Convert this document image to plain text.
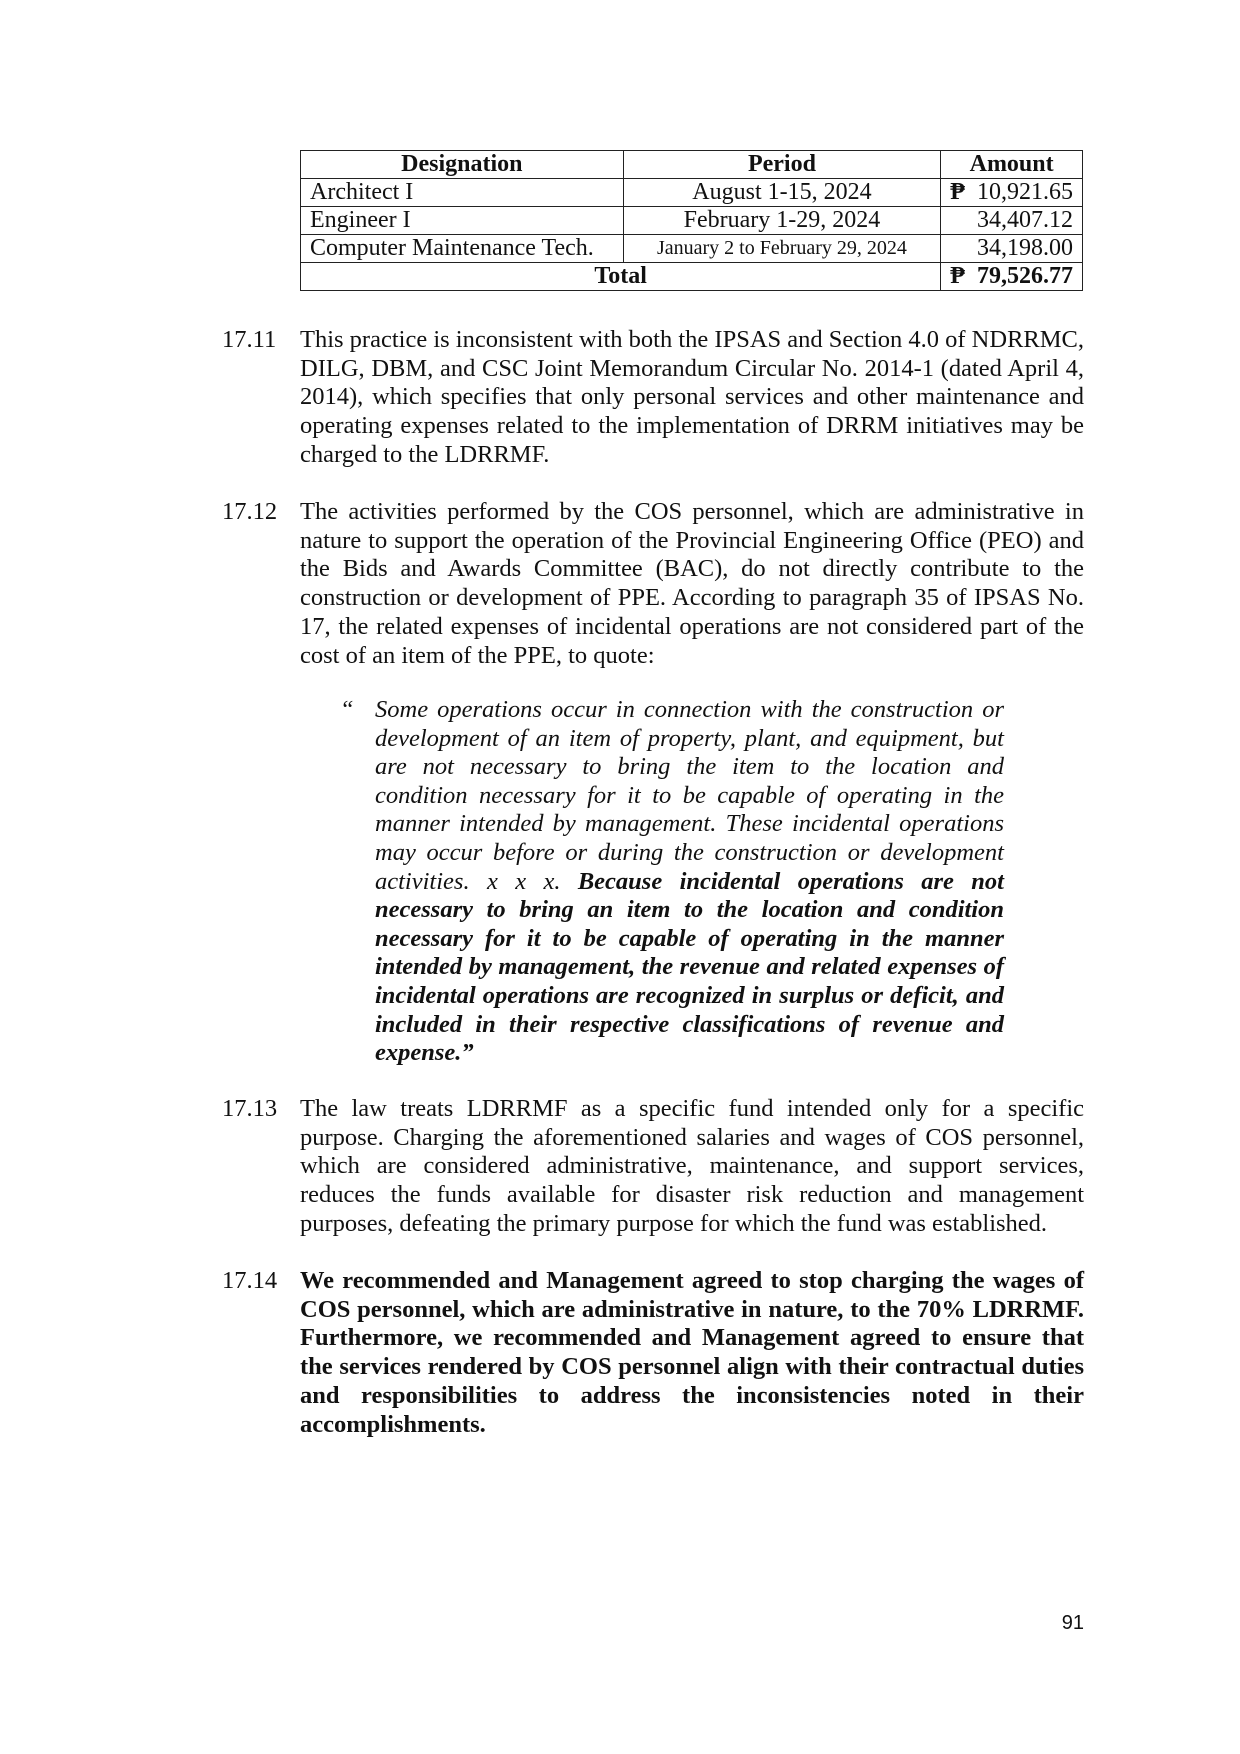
Designation	Period	Amount
Architect I	August 1-15, 2024	₱ 10,921.65
Engineer I	February 1-29, 2024	34,407.12
Computer Maintenance Tech.	January 2 to February 29, 2024	34,198.00
Total		₱ 79,526.77
17.11 This practice is inconsistent with both the IPSAS and Section 4.0 of NDRRMC, DILG, DBM, and CSC Joint Memorandum Circular No. 2014-1 (dated April 4, 2014), which specifies that only personal services and other maintenance and operating expenses related to the implementation of DRRM initiatives may be charged to the LDRRMF.
17.12 The activities performed by the COS personnel, which are administrative in nature to support the operation of the Provincial Engineering Office (PEO) and the Bids and Awards Committee (BAC), do not directly contribute to the construction or development of PPE. According to paragraph 35 of IPSAS No. 17, the related expenses of incidental operations are not considered part of the cost of an item of the PPE, to quote:
“ Some operations occur in connection with the construction or development of an item of property, plant, and equipment, but are not necessary to bring the item to the location and condition necessary for it to be capable of operating in the manner intended by management. These incidental operations may occur before or during the construction or development activities. x x x. Because incidental operations are not necessary to bring an item to the location and condition necessary for it to be capable of operating in the manner intended by management, the revenue and related expenses of incidental operations are recognized in surplus or deficit, and included in their respective classifications of revenue and expense.”
17.13 The law treats LDRRMF as a specific fund intended only for a specific purpose. Charging the aforementioned salaries and wages of COS personnel, which are considered administrative, maintenance, and support services, reduces the funds available for disaster risk reduction and management purposes, defeating the primary purpose for which the fund was established.
17.14 We recommended and Management agreed to stop charging the wages of COS personnel, which are administrative in nature, to the 70% LDRRMF. Furthermore, we recommended and Management agreed to ensure that the services rendered by COS personnel align with their contractual duties and responsibilities to address the inconsistencies noted in their accomplishments.
91
